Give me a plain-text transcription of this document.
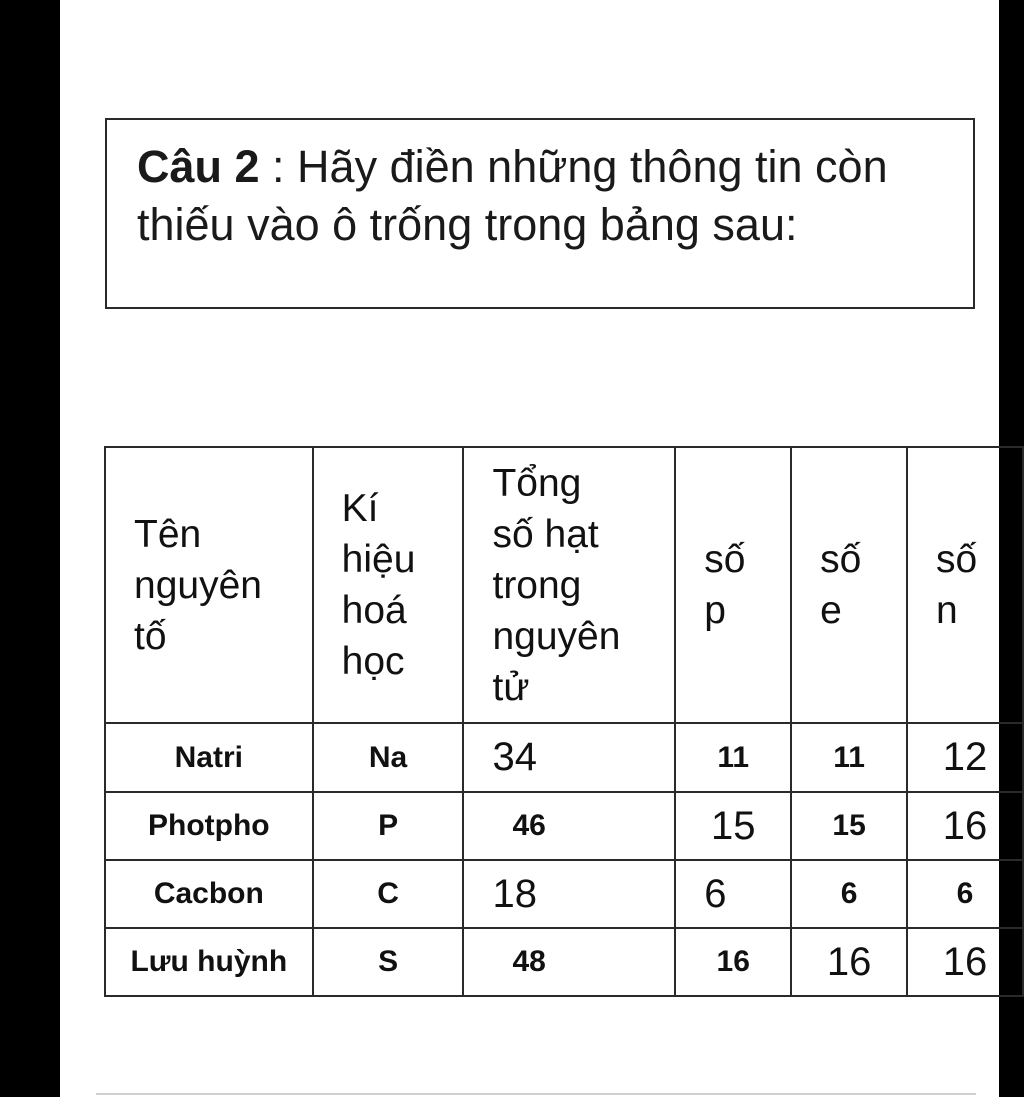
Câu 2 : Hãy điền những thông tin còn thiếu vào ô trống trong bảng sau:
Tên
nguyên
tố	Kí
hiệu
hoá
học	Tổng
số hạt
trong
nguyên
tử	số
p	số
e	số
n
Natri	Na	34	11	11	12
Photpho	P	46	15	15	16
Cacbon	C	18	6	6	6
Lưu huỳnh	S	48	16	16	16
